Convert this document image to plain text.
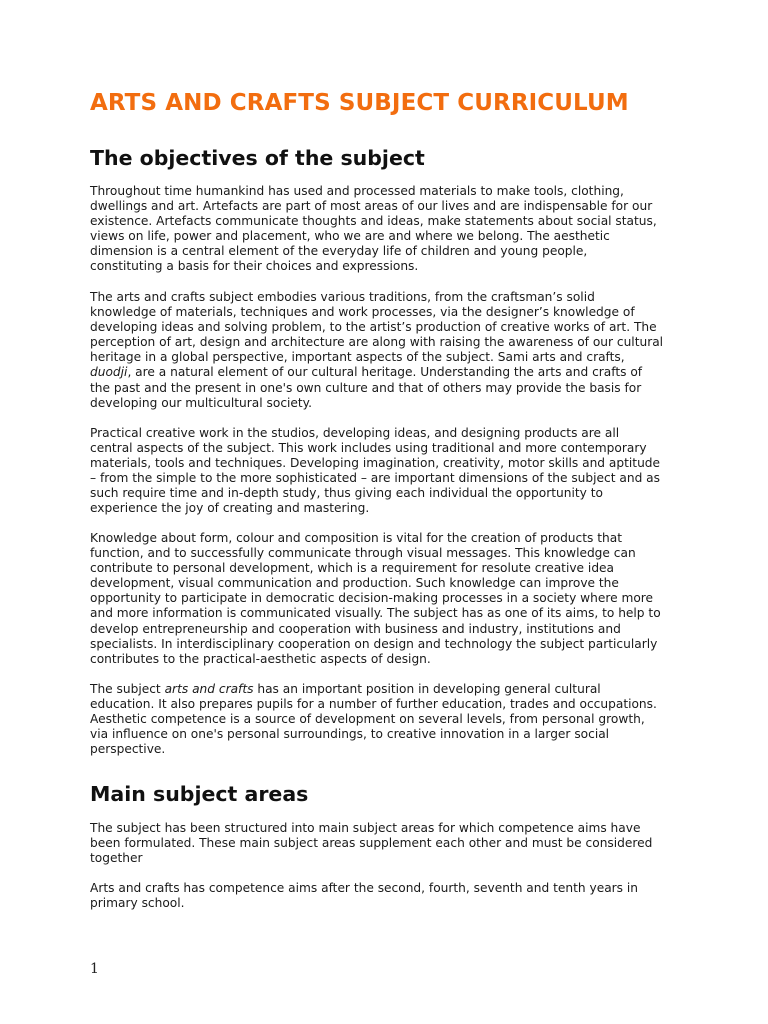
ARTS AND CRAFTS SUBJECT CURRICULUM
The objectives of the subject

Throughout time humankind has used and processed materials to make tools, clothing,
dwellings and art. Artefacts are part of most areas of our lives and are indispensable for our
existence. Artefacts communicate thoughts and ideas, make statements about social status,
views on life, power and placement, who we are and where we belong. The aesthetic
dimension is a central element of the everyday life of children and young people,
constituting a basis for their choices and expressions.

The arts and crafts subject embodies various traditions, from the craftsman’s solid
knowledge of materials, techniques and work processes, via the designer’s knowledge of
developing ideas and solving problem, to the artist’s production of creative works of art. The
perception of art, design and architecture are along with raising the awareness of our cultural
heritage in a global perspective, important aspects of the subject. Sami arts and crafts,
duodji, are a natural element of our cultural heritage. Understanding the arts and crafts of
the past and the present in one's own culture and that of others may provide the basis for
developing our multicultural society.

Practical creative work in the studios, developing ideas, and designing products are all
central aspects of the subject. This work includes using traditional and more contemporary
materials, tools and techniques. Developing imagination, creativity, motor skills and aptitude
– from the simple to the more sophisticated – are important dimensions of the subject and as
such require time and in-depth study, thus giving each individual the opportunity to
experience the joy of creating and mastering.

Knowledge about form, colour and composition is vital for the creation of products that
function, and to successfully communicate through visual messages. This knowledge can
contribute to personal development, which is a requirement for resolute creative idea
development, visual communication and production. Such knowledge can improve the
opportunity to participate in democratic decision-making processes in a society where more
and more information is communicated visually. The subject has as one of its aims, to help to
develop entrepreneurship and cooperation with business and industry, institutions and
specialists. In interdisciplinary cooperation on design and technology the subject particularly
contributes to the practical-aesthetic aspects of design.

The subject arts and crafts has an important position in developing general cultural
education. It also prepares pupils for a number of further education, trades and occupations.
Aesthetic competence is a source of development on several levels, from personal growth,
via influence on one's personal surroundings, to creative innovation in a larger social
perspective.

Main subject areas

The subject has been structured into main subject areas for which competence aims have
been formulated. These main subject areas supplement each other and must be considered
together

Arts and crafts has competence aims after the second, fourth, seventh and tenth years in
primary school.

1
